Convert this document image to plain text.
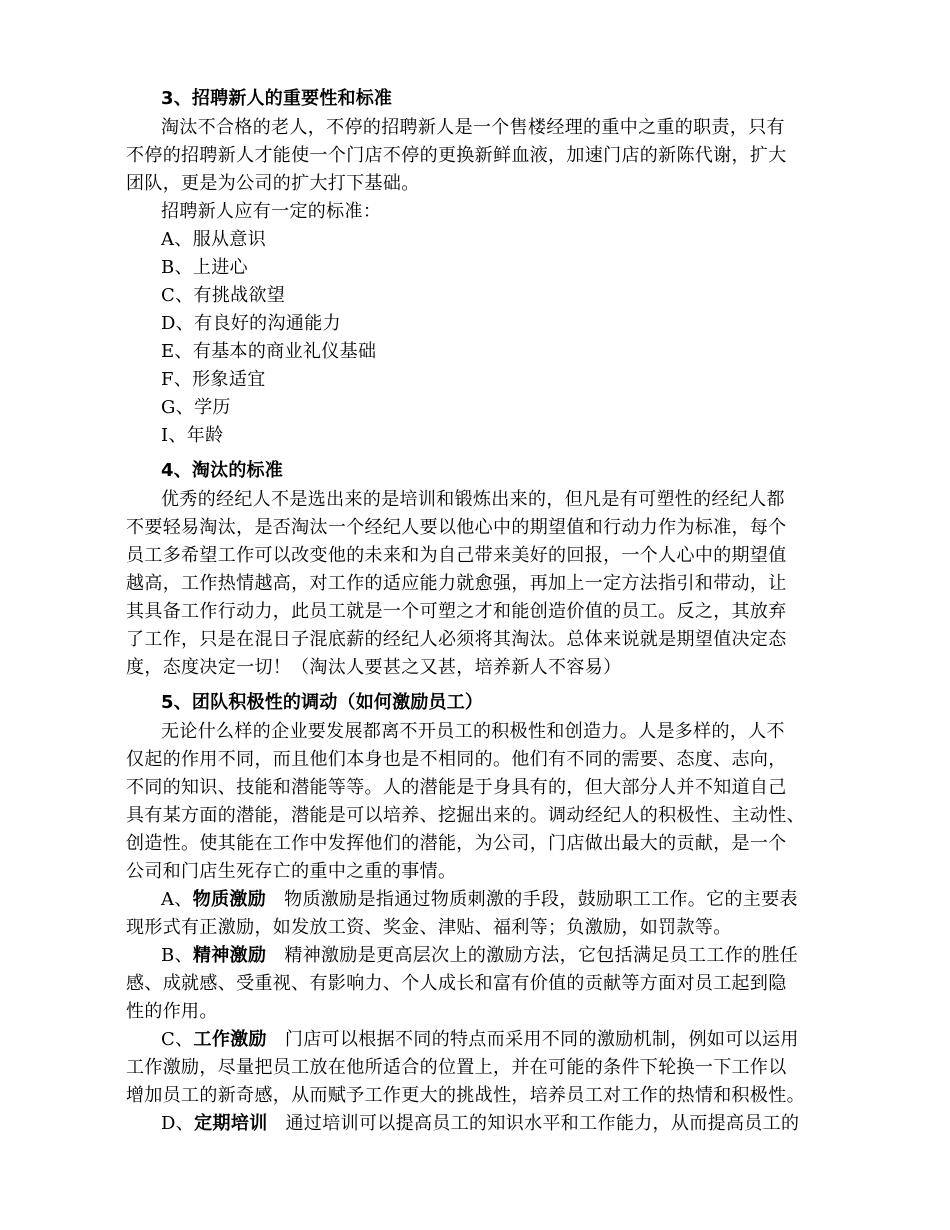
3、招聘新人的重要性和标准
淘汰不合格的老人，不停的招聘新人是一个售楼经理的重中之重的职责，只有
不停的招聘新人才能使一个门店不停的更换新鲜血液，加速门店的新陈代谢，扩大
团队，更是为公司的扩大打下基础。
招聘新人应有一定的标准：
A、服从意识
B、上进心
C、有挑战欲望
D、有良好的沟通能力
E、有基本的商业礼仪基础
F、形象适宜
G、学历
I、年龄
4、淘汰的标准
优秀的经纪人不是选出来的是培训和锻炼出来的，但凡是有可塑性的经纪人都
不要轻易淘汰，是否淘汰一个经纪人要以他心中的期望值和行动力作为标准，每个
员工多希望工作可以改变他的未来和为自己带来美好的回报，一个人心中的期望值
越高，工作热情越高，对工作的适应能力就愈强，再加上一定方法指引和带动，让
其具备工作行动力，此员工就是一个可塑之才和能创造价值的员工。反之，其放弃
了工作，只是在混日子混底薪的经纪人必须将其淘汰。总体来说就是期望值决定态
度，态度决定一切！（淘汰人要甚之又甚，培养新人不容易）
5、团队积极性的调动（如何激励员工）
无论什么样的企业要发展都离不开员工的积极性和创造力。人是多样的，人不
仅起的作用不同，而且他们本身也是不相同的。他们有不同的需要、态度、志向，
不同的知识、技能和潜能等等。人的潜能是于身具有的，但大部分人并不知道自己
具有某方面的潜能，潜能是可以培养、挖掘出来的。调动经纪人的积极性、主动性、
创造性。使其能在工作中发挥他们的潜能，为公司，门店做出最大的贡献，是一个
公司和门店生死存亡的重中之重的事情。
A、物质激励 物质激励是指通过物质刺激的手段，鼓励职工工作。它的主要表
现形式有正激励，如发放工资、奖金、津贴、福利等；负激励，如罚款等。
B、精神激励 精神激励是更高层次上的激励方法，它包括满足员工工作的胜任
感、成就感、受重视、有影响力、个人成长和富有价值的贡献等方面对员工起到隐
性的作用。
C、工作激励 门店可以根据不同的特点而采用不同的激励机制，例如可以运用
工作激励，尽量把员工放在他所适合的位置上，并在可能的条件下轮换一下工作以
增加员工的新奇感，从而赋予工作更大的挑战性，培养员工对工作的热情和积极性。
D、定期培训 通过培训可以提高员工的知识水平和工作能力，从而提高员工的
